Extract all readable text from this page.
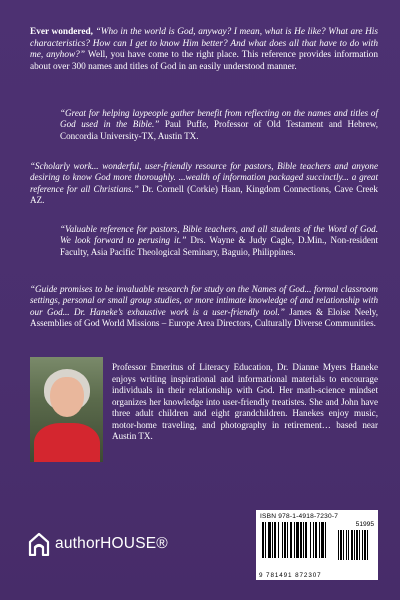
Ever wondered, “Who in the world is God, anyway? I mean, what is He like? What are His characteristics? How can I get to know Him better? And what does all that have to do with me, anyhow?” Well, you have come to the right place. This reference provides information about over 300 names and titles of God in an easily understood manner.
“Great for helping laypeople gather benefit from reflecting on the names and titles of God used in the Bible.” Paul Puffe, Professor of Old Testament and Hebrew, Concordia University-TX, Austin TX.
“Scholarly work... wonderful, user-friendly resource for pastors, Bible teachers and anyone desiring to know God more thoroughly. ...wealth of information packaged succinctly... a great reference for all Christians.” Dr. Cornell (Corkie) Haan, Kingdom Connections, Cave Creek AZ.
“Valuable reference for pastors, Bible teachers, and all students of the Word of God. We look forward to perusing it.” Drs. Wayne & Judy Cagle, D.Min., Non-resident Faculty, Asia Pacific Theological Seminary, Baguio, Philippines.
“Guide promises to be invaluable research for study on the Names of God... formal classroom settings, personal or small group studies, or more intimate knowledge of and relationship with our God... Dr. Haneke’s exhaustive work is a user-friendly tool.” James & Eloise Neely, Assemblies of God World Missions – Europe Area Directors, Culturally Diverse Communities.
Professor Emeritus of Literacy Education, Dr. Dianne Myers Haneke enjoys writing inspirational and informational materials to encourage individuals in their relationship with God. Her math-science mindset organizes her knowledge into user-friendly treatistes. She and John have three adult children and eight grandchildren. Hanekes enjoy music, motor-home traveling, and photography in retirement… based near Austin TX.
authorHOUSE®
ISBN 978-1-4918-7230-7
51995
9 781491 872307
